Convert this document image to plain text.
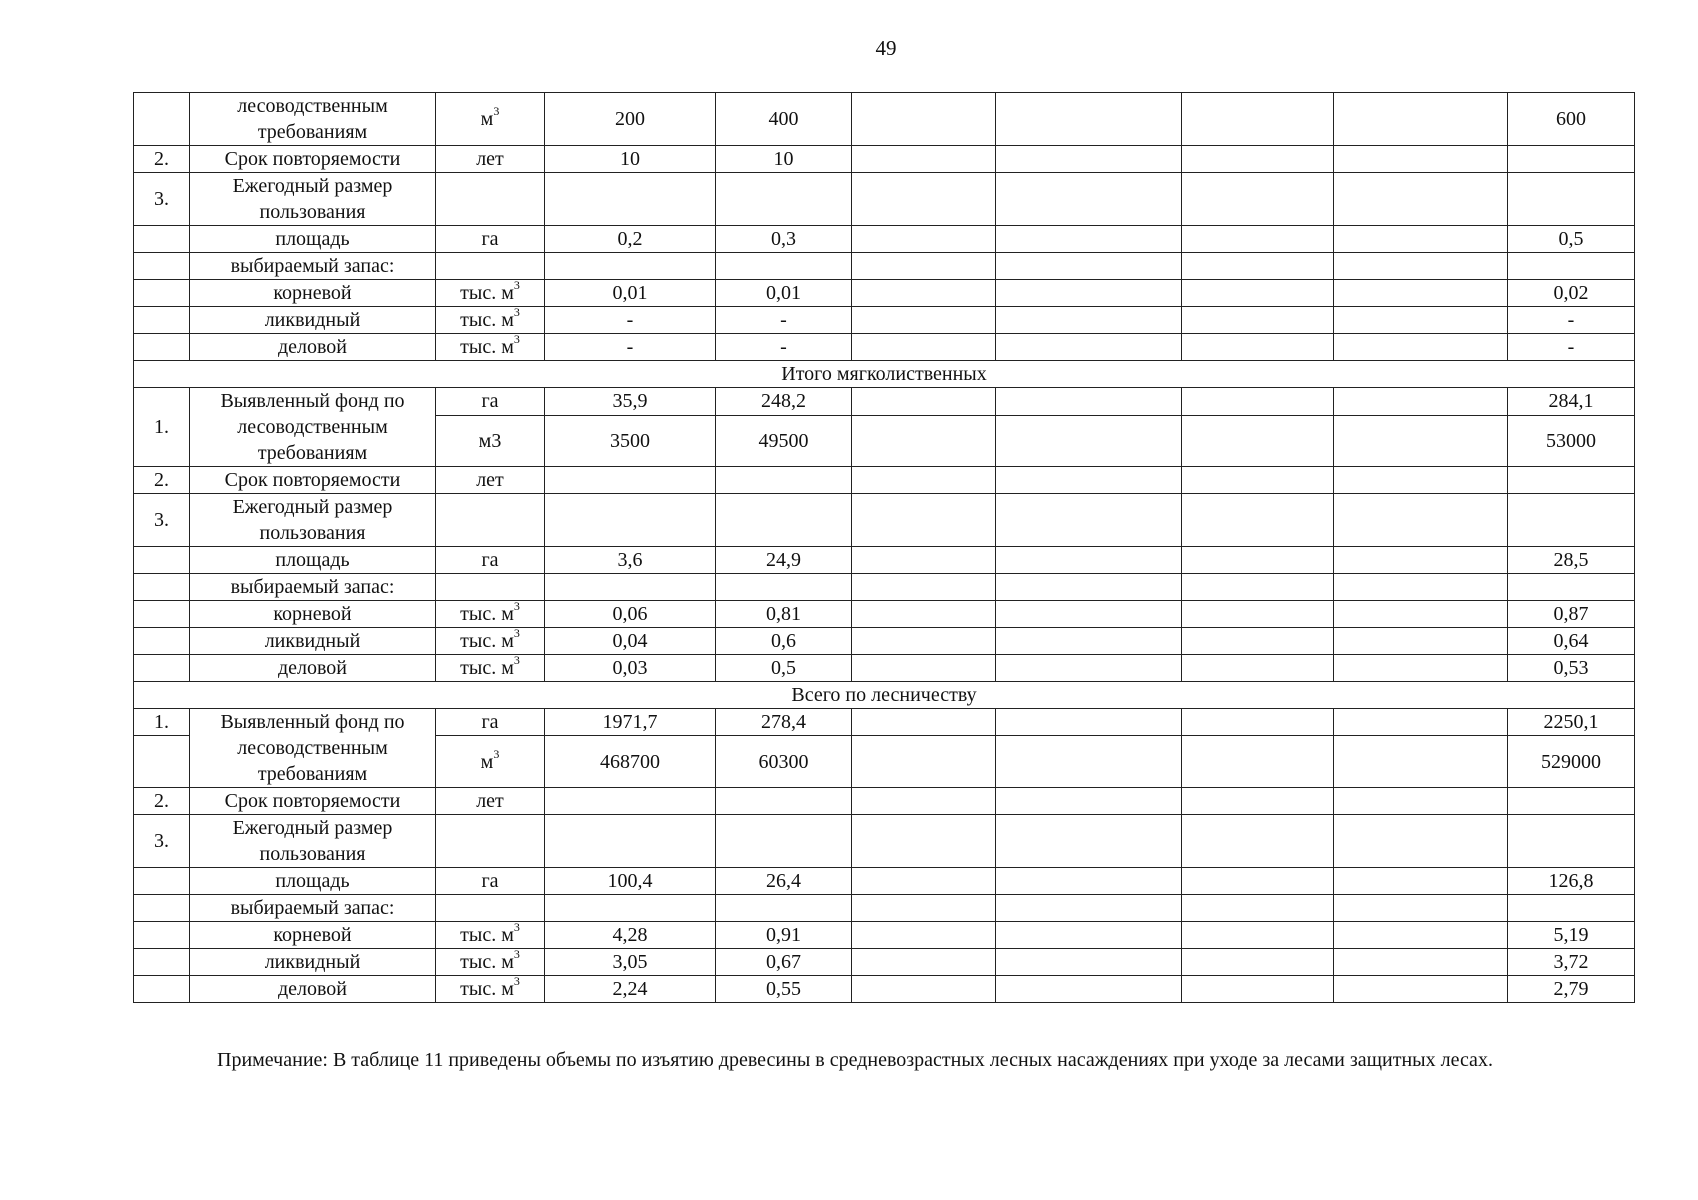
49
	лесоводственным требованиям	$м^3$	200	400					600
2.	Срок повторяемости	лет	10	10					
3.	Ежегодный размер пользования								
	площадь	га	0,2	0,3					0,5
	выбираемый запас:								
	корневой	тыс. $м^3$	0,01	0,01					0,02
	ликвидный	тыс. $м^3$	-	-					-
	деловой	тыс. $м^3$	-	-					-
Итого мягколиственных									
1.	Выявленный фонд по лесоводственным требованиям	га	35,9	248,2					284,1
		м3	3500	49500					53000
2.	Срок повторяемости	лет							
3.	Ежегодный размер пользования								
	площадь	га	3,6	24,9					28,5
	выбираемый запас:								
	корневой	тыс. $м^3$	0,06	0,81					0,87
	ликвидный	тыс. $м^3$	0,04	0,6					0,64
	деловой	тыс. $м^3$	0,03	0,5					0,53
Всего по лесничеству									
1.	Выявленный фонд по лесоводственным требованиям	га	1971,7	278,4					2250,1
		$м^3$	468700	60300					529000
2.	Срок повторяемости	лет							
3.	Ежегодный размер пользования								
	площадь	га	100,4	26,4					126,8
	выбираемый запас:								
	корневой	тыс. $м^3$	4,28	0,91					5,19
	ликвидный	тыс. $м^3$	3,05	0,67					3,72
	деловой	тыс. $м^3$	2,24	0,55					2,79
Примечание: В таблице 11 приведены объемы по изъятию древесины в средневозрастных лесных насаждениях при уходе за лесами защитных лесах.
